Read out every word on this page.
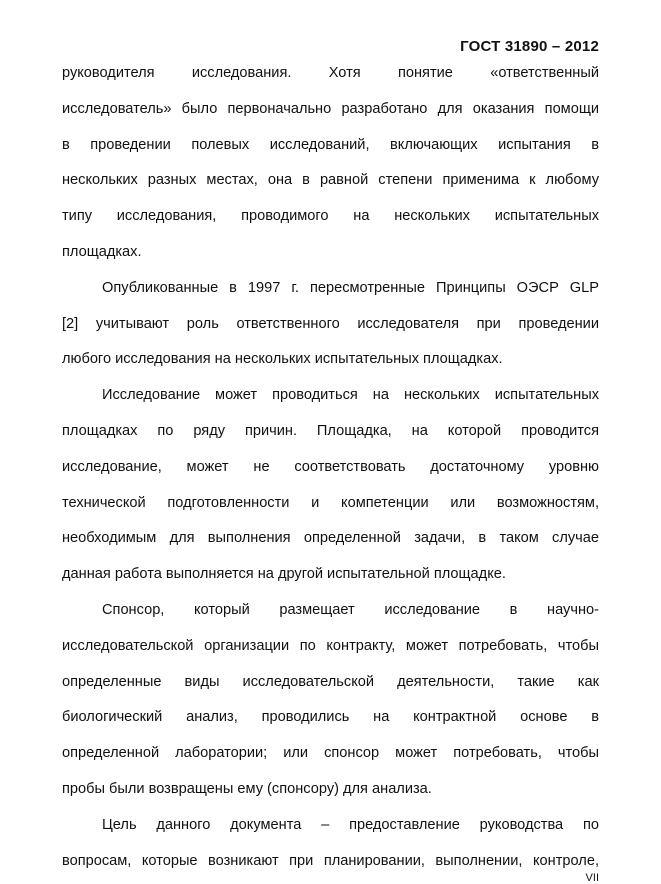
ГОСТ 31890 – 2012

руководителя исследования. Хотя понятие «ответственный
исследователь» было первоначально разработано для оказания помощи
в проведении полевых исследований, включающих испытания в
нескольких разных местах, она в равной степени применима к любому
типу исследования, проводимого на нескольких испытательных
площадках.

Опубликованные в 1997 г. пересмотренные Принципы ОЭСР GLP
[2] учитывают роль ответственного исследователя при проведении
любого исследования на нескольких испытательных площадках.

Исследование может проводиться на нескольких испытательных
площадках по ряду причин. Площадка, на которой проводится
исследование, может не соответствовать достаточному уровню
технической подготовленности и компетенции или возможностям,
необходимым для выполнения определенной задачи, в таком случае
данная работа выполняется на другой испытательной площадке.

Спонсор, который размещает исследование в научно-
исследовательской организации по контракту, может потребовать, чтобы
определенные виды исследовательской деятельности, такие как
биологический анализ, проводились на контрактной основе в
определенной лаборатории; или спонсор может потребовать, чтобы
пробы были возвращены ему (спонсору) для анализа.

Цель данного документа – предоставление руководства по
вопросам, которые возникают при планировании, выполнении, контроле,

VII
